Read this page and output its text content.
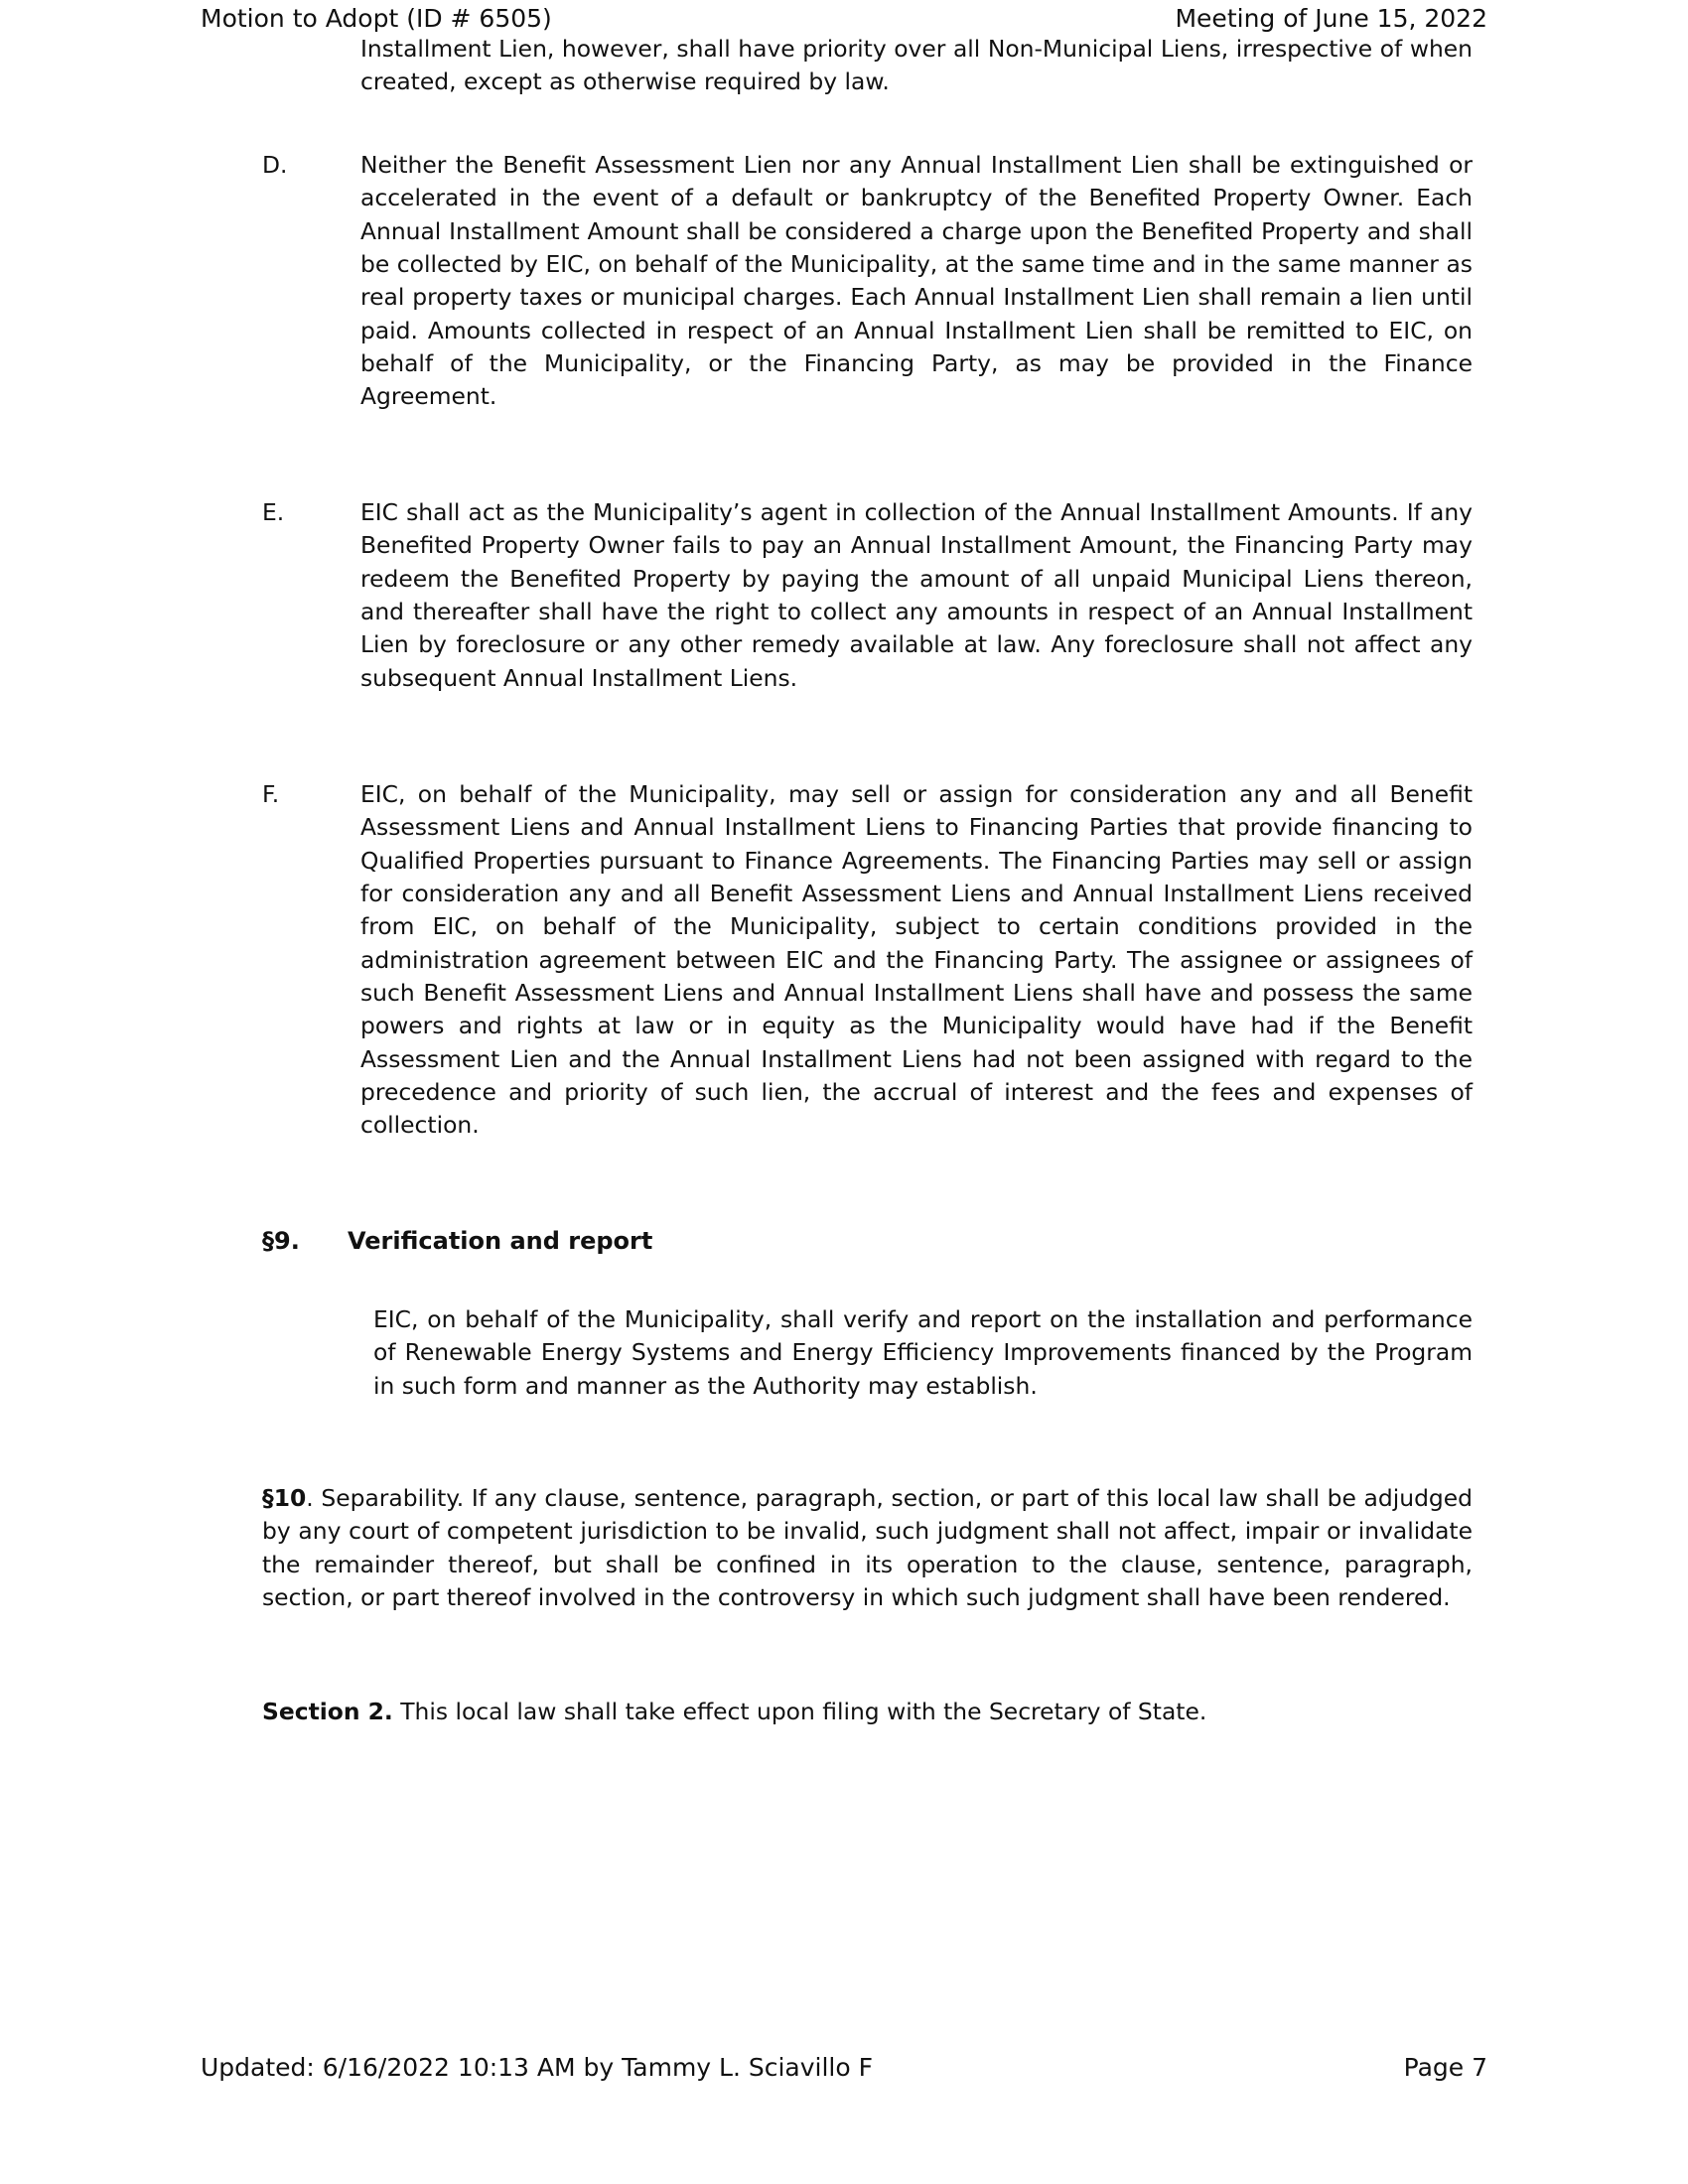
Motion to Adopt (ID # 6505)	Meeting of June 15, 2022
Installment Lien, however, shall have priority over all Non-Municipal Liens, irrespective of when created, except as otherwise required by law.
D.	Neither the Benefit Assessment Lien nor any Annual Installment Lien shall be extinguished or accelerated in the event of a default or bankruptcy of the Benefited Property Owner. Each Annual Installment Amount shall be considered a charge upon the Benefited Property and shall be collected by EIC, on behalf of the Municipality, at the same time and in the same manner as real property taxes or municipal charges. Each Annual Installment Lien shall remain a lien until paid. Amounts collected in respect of an Annual Installment Lien shall be remitted to EIC, on behalf of the Municipality, or the Financing Party, as may be provided in the Finance Agreement.
E.	EIC shall act as the Municipality’s agent in collection of the Annual Installment Amounts. If any Benefited Property Owner fails to pay an Annual Installment Amount, the Financing Party may redeem the Benefited Property by paying the amount of all unpaid Municipal Liens thereon, and thereafter shall have the right to collect any amounts in respect of an Annual Installment Lien by foreclosure or any other remedy available at law. Any foreclosure shall not affect any subsequent Annual Installment Liens.
F.	EIC, on behalf of the Municipality, may sell or assign for consideration any and all Benefit Assessment Liens and Annual Installment Liens to Financing Parties that provide financing to Qualified Properties pursuant to Finance Agreements. The Financing Parties may sell or assign for consideration any and all Benefit Assessment Liens and Annual Installment Liens received from EIC, on behalf of the Municipality, subject to certain conditions provided in the administration agreement between EIC and the Financing Party. The assignee or assignees of such Benefit Assessment Liens and Annual Installment Liens shall have and possess the same powers and rights at law or in equity as the Municipality would have had if the Benefit Assessment Lien and the Annual Installment Liens had not been assigned with regard to the precedence and priority of such lien, the accrual of interest and the fees and expenses of collection.
§9. Verification and report
EIC, on behalf of the Municipality, shall verify and report on the installation and performance of Renewable Energy Systems and Energy Efficiency Improvements financed by the Program in such form and manner as the Authority may establish.
§10. Separability. If any clause, sentence, paragraph, section, or part of this local law shall be adjudged by any court of competent jurisdiction to be invalid, such judgment shall not affect, impair or invalidate the remainder thereof, but shall be confined in its operation to the clause, sentence, paragraph, section, or part thereof involved in the controversy in which such judgment shall have been rendered.
Section 2. This local law shall take effect upon filing with the Secretary of State.
Updated: 6/16/2022 10:13 AM by Tammy L. Sciavillo F	Page 7
